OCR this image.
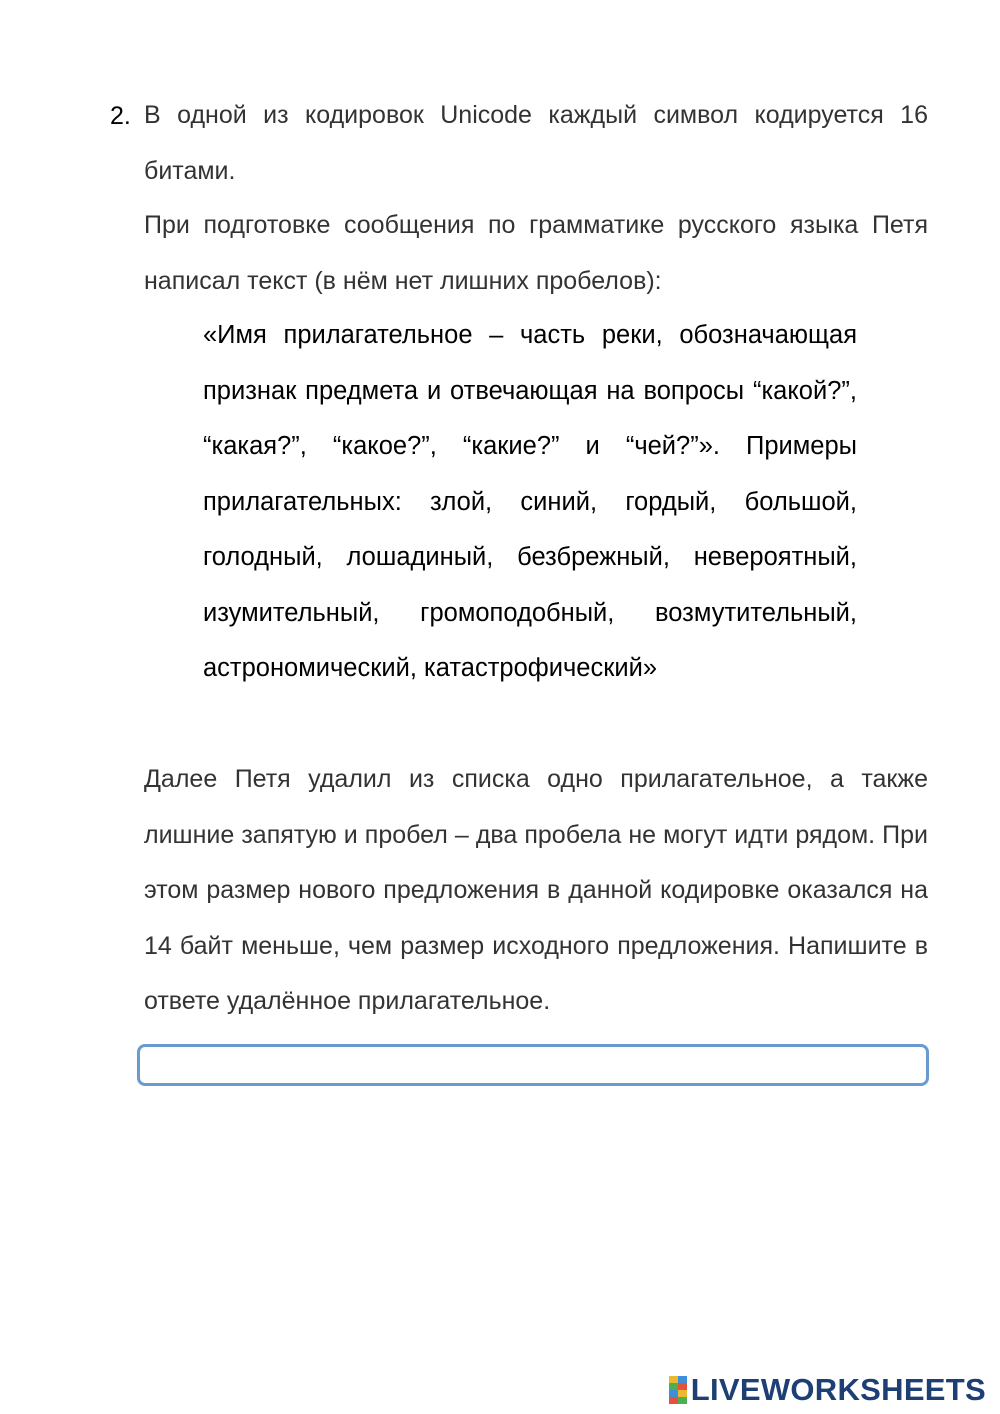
2. В одной из кодировок Unicode каждый символ кодируется 16 битами.
При подготовке сообщения по грамматике русского языка Петя написал текст (в нём нет лишних пробелов):
«Имя прилагательное – часть реки, обозначающая признак предмета и отвечающая на вопросы “какой?”, “какая?”, “какое?”, “какие?” и “чей?”». Примеры прилагательных: злой, синий, гордый, большой, голодный, лошадиный, безбрежный, невероятный, изумительный, громоподобный, возмутительный, астрономический, катастрофический»
Далее Петя удалил из списка одно прилагательное, а также лишние запятую и пробел – два пробела не могут идти рядом. При этом размер нового предложения в данной кодировке оказался на 14 байт меньше, чем размер исходного предложения. Напишите в ответе удалённое прилагательное.
LIVEWORKSHEETS
